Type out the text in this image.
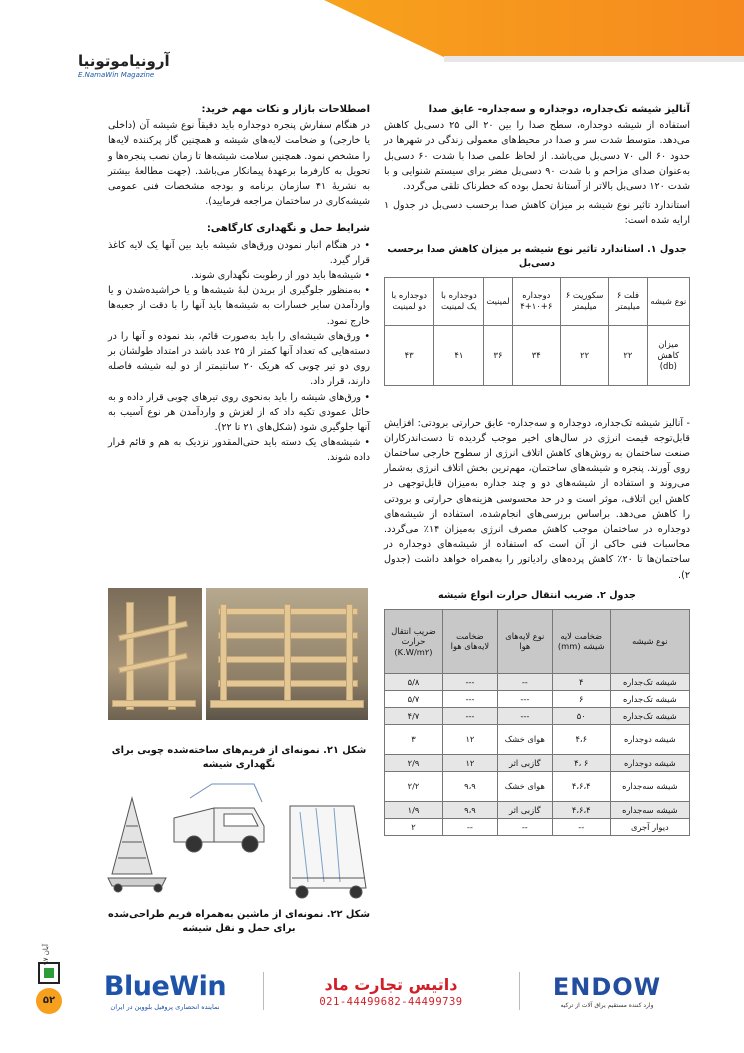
آرونیاموتونیا
E.NamaWin Magazine
آنالیز شیشه تک‌جداره، دوجداره و سه‌جداره- عایق صدا
استفاده از شیشه دوجداره، سطح صدا را بین ۲۰ الی ۲۵ دسی‌بل کاهش می‌دهد. متوسط شدت سر و صدا در محیط‌های معمولی زندگی در شهرها در حدود ۶۰ الی ۷۰ دسی‌بل می‌باشد. از لحاظ علمی صدا با شدت ۶۰ دسی‌بل به‌عنوان صدای مزاحم و با شدت ۹۰ دسی‌بل مضر برای سیستم شنوایی و با شدت ۱۲۰ دسی‌بل بالاتر از آستانهٔ تحمل بوده که خطرناک تلقی می‌گردد.
استاندارد تاثیر نوع شیشه بر میزان کاهش صدا برحسب دسی‌بل در جدول ۱ ارایه شده است:
جدول ۱. استاندارد تاثیر نوع شیشه بر میزان کاهش صدا برحسب دسی‌بل
نوع شیشه	فلت ۶ میلیمتر	سکوریت ۶ میلیمتر	دوجداره ۶+۱۰+۴	لمینیت	دوجداره با یک لمینیت	دوجداره با دو لمینیت
میزان کاهش (db)	۲۲	۲۲	۳۴	۳۶	۴۱	۴۳
- آنالیز شیشه تک‌جداره، دوجداره و سه‌جداره- عایق حرارتی برودتی: افزایش قابل‌توجه قیمت انرژی در سال‌های اخیر موجب گردیده تا دست‌اندرکاران صنعت ساختمان به روش‌های کاهش اتلاف انرژی از سطوح خارجی ساختمان روی آورند. پنجره و شیشه‌های ساختمان، مهم‌ترین بخش اتلاف انرژی به‌شمار می‌روند و استفاده از شیشه‌های دو و چند جداره به‌میزان قابل‌توجهی در کاهش این اتلاف، موثر است و در حد محسوسی هزینه‌های حرارتی و برودتی را کاهش می‌دهد. براساس بررسی‌های انجام‌شده، استفاده از شیشه‌های دوجداره در ساختمان موجب کاهش مصرف انرژی به‌میزان ۱۴٪ می‌گردد. محاسبات فنی حاکی از آن است که استفاده از شیشه‌های دوجداره در ساختمان‌ها تا ۲۰٪ کاهش پرده‌های رادیاتور را به‌همراه خواهد داشت (جدول ۲).
جدول ۲. ضریب انتقال حرارت انواع شیشه
نوع شیشه	ضخامت لایه شیشه (mm)	نوع لایه‌های هوا	ضخامت لایه‌های هوا	ضریب انتقال حرارت (K.W/m۲)
شیشه تک‌جداره	۴	--	---	۵/۸
شیشه تک‌جداره	۶	---	---	۵/۷
شیشه تک‌جداره	۵۰	---	---	۴/۷
شیشه دوجداره	۴،۶	هوای خشک	۱۲	۳
شیشه دوجداره	۶ ،۴	گازبی اثر	۱۲	۲/۹
شیشه سه‌جداره	۴،۶،۴	هوای خشک	۹،۹	۲/۲
شیشه سه‌جداره	۴،۶،۴	گازبی اثر	۹،۹	۱/۹
دیوار آجری	--	--	--	۲
اصطلاحات بازار و نکات مهم خرید:
در هنگام سفارش پنجره دوجداره باید دقیقاً نوع شیشه آن (داخلی یا خارجی) و ضخامت لایه‌های شیشه و همچنین گاز پرکننده لایه‌ها را مشخص نمود. همچنین سلامت شیشه‌ها تا زمان نصب پنجره‌ها و تحویل به کارفرما برعهدهٔ پیمانکار می‌باشد. (جهت مطالعهٔ بیشتر به نشریهٔ ۴۱ سازمان برنامه و بودجه مشخصات فنی عمومی شیشه‌کاری در ساختمان مراجعه فرمایید).
شرایط حمل و نگهداری کارگاهی:
• در هنگام انبار نمودن ورق‌های شیشه باید بین آنها یک لایه کاغذ قرار گیرد.
• شیشه‌ها باید دور از رطوبت نگهداری شوند.
• به‌منظور جلوگیری از بریدن لبهٔ شیشه‌ها و یا خراشیده‌شدن و یا واردآمدن سایر خسارات به شیشه‌ها باید آنها را با دقت از جعبه‌ها خارج نمود.
• ورق‌های شیشه‌ای را باید به‌صورت قائم، بند نموده و آنها را در دسته‌هایی که تعداد آنها کمتر از ۲۵ عدد باشد در امتداد طولشان بر روی دو تیر چوبی که هریک ۲۰ سانتیمتر از دو لبه شیشه فاصله دارند، قرار داد.
• ورق‌های شیشه را باید به‌نحوی روی تیرهای چوبی قرار داده و به حائل عمودی تکیه داد که از لغزش و واردآمدن هر نوع آسیب به آنها جلوگیری شود (شکل‌های ۲۱ تا ۲۲).
• شیشه‌های یک دسته باید حتی‌المقدور نزدیک به هم و قائم قرار داده شوند.
شکل ۲۱. نمونه‌ای از فریم‌های ساخته‌شده چوبی برای نگهداری شیشه
شکل ۲۲. نمونه‌ای از ماشین به‌همراه فریم طراحی‌شده برای حمل و نقل شیشه
آبان ۹۷
۵۲ BlueWin
نماینده انحصاری پروفیل بلووین در ایران
داتیس تجارت ماد
021-44499682-44499739
ENDOW
وارد کننده مستقیم یراق آلات از ترکیه
